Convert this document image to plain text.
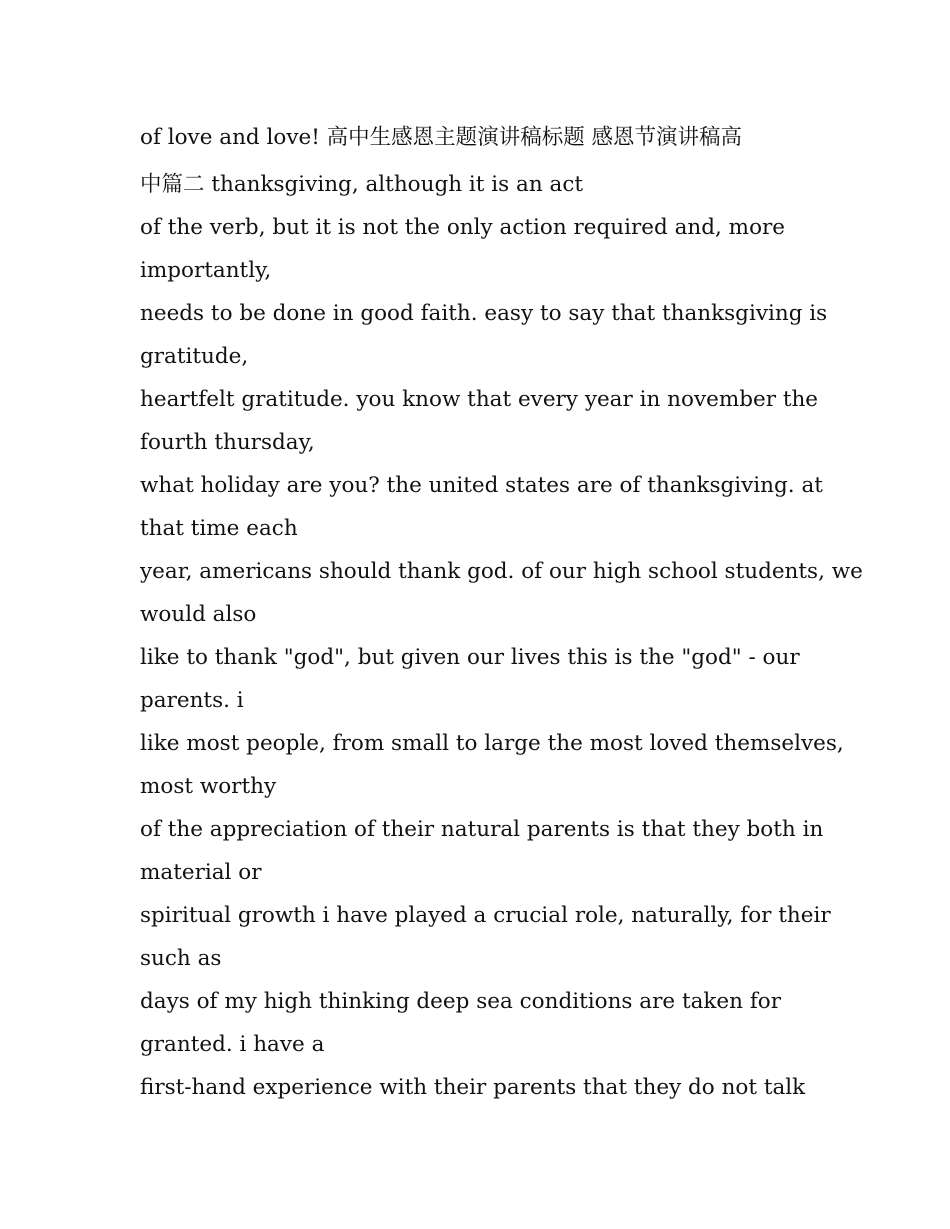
of love and love! 高中生感恩主题演讲稿标题 感恩节演讲稿高
中篇二 thanksgiving, although it is an act
of the verb, but it is not the only action required and, more
importantly,
needs to be done in good faith. easy to say that thanksgiving is
gratitude,
heartfelt gratitude. you know that every year in november the
fourth thursday,
what holiday are you? the united states are of thanksgiving. at
that time each
year, americans should thank god. of our high school students, we
would also
like to thank "god", but given our lives this is the "god" - our
parents. i
like most people, from small to large the most loved themselves,
most worthy
of the appreciation of their natural parents is that they both in
material or
spiritual growth i have played a crucial role, naturally, for their
such as
days of my high thinking deep sea conditions are taken for
granted. i have a
first-hand experience with their parents that they do not talk
